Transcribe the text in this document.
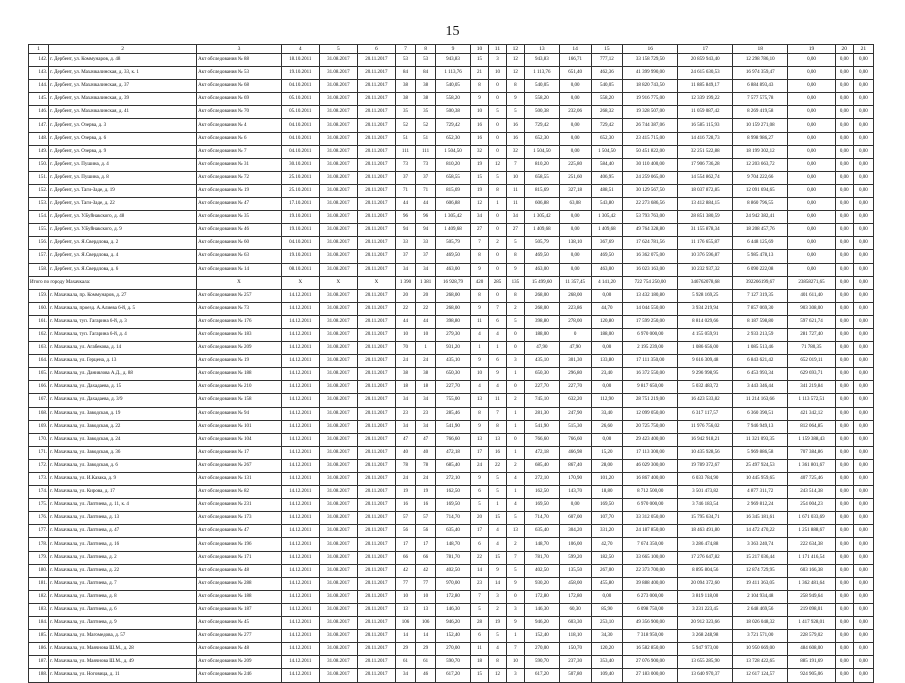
15
1	2	3	4	5	6	7	8	9	10	11	12	13	14	15	16	17	18	19	20	21
142.	г. Дербент, ул. Коммунаров, д. 48	Акт обследования № 88	18.10.2011	31.08.2017	20.11.2017	53	53	943,83	15	3	12	943,83	166,71	777,12	33 158 729,50	20 859 943,40	12 298 786,10	0,00	0,00	0,00
143.	г. Дербент, ул. Махачкалинская, д. 33, к. 1	Акт обследования № 53	19.10.2011	31.08.2017	20.11.2017	84	84	1 113,76	21	10	12	1 113,76	651,40	462,36	41 399 990,00	24 615 630,53	16 974 359,47	0,00	0,00	0,00
144.	г. Дербент, ул. Махачкалинская, д. 37	Акт обследования № 68	04.10.2011	31.08.2017	20.11.2017	38	38	540,05	8	0	8	540,05	0,00	540,05	18 820 743,50	11 885 849,17	6 884 893,43	0,00	0,00	0,00
145.	г. Дербент, ул. Махачкалинская, д. 39	Акт обследования № 69	05.10.2011	31.08.2017	20.11.2017	38	38	558,20	9	0	9	558,20	0,00	558,20	19 916 775,00	12 339 199,22	7 577 575,78	0,00	0,00	0,00
146.	г. Дербент, ул. Махачкалинская, д. 41	Акт обследования № 70	05.10.2011	31.08.2017	20.11.2017	35	35	500,38	10	5	5	500,38	232,06	268,32	19 328 507,00	11 059 087,42	8 269 419,58	0,00	0,00	0,00
147.	г. Дербент, ул. Озерва, д. 3	Акт обследования № 4	04.10.2011	31.08.2017	20.11.2017	52	52	729,42	16	0	16	729,42	0,00	729,42	26 744 387,06	16 585 115,93	10 159 271,08	0,00	0,00	0,00
148.	г. Дербент, ул. Озерва, д. 6	Акт обследования № 6	04.10.2011	31.08.2017	20.11.2017	51	51	652,30	16	0	16	652,30	0,00	652,30	23 415 715,00	14 416 728,73	8 998 986,27	0,00	0,00	0,00
149.	г. Дербент, ул. Озерва, д. 9	Акт обследования № 7	04.10.2011	31.08.2017	20.11.2017	111	111	1 504,50	32	0	32	1 504,50	0,00	1 504,50	50 451 822,00	32 251 522,88	18 199 302,12	0,00	0,00	0,00
150.	г. Дербент, ул. Пушина, д. 4	Акт обследования № 31	30.10.2011	31.08.2017	20.11.2017	73	73	810,20	19	12	7	810,20	225,80	584,40	30 110 400,00	17 906 736,28	12 203 663,72	0,00	0,00	0,00
151.	г. Дербент, ул. Пушина, д. 8	Акт обследования № 72	25.10.2011	31.08.2017	20.11.2017	37	37	658,55	15	5	10	658,55	251,60	406,95	24 259 065,00	14 554 862,74	9 704 222,66	0,00	0,00	0,00
152.	г. Дербент, ул. Таги-Заде, д. 19	Акт обследования № 19	25.10.2011	31.08.2017	20.11.2017	71	71	815,69	19	8	11	815,69	327,18	488,51	30 129 567,50	18 037 872,85	12 091 694,65	0,00	0,00	0,00
153.	г. Дербент, ул. Таги-Заде, д. 22	Акт обследования № 47	17.10.2011	31.08.2017	20.11.2017	44	44	606,88	12	1	11	606,88	63,08	543,80	22 273 686,56	13 412 884,15	8 860 796,55	0,00	0,00	0,00
154.	г. Дербент, ул. У.Буйнакского, д. 48	Акт обследования № 35	19.10.2011	31.08.2017	20.11.2017	96	96	1 305,42	34	0	34	1 305,42	0,00	1 305,42	53 793 763,00	28 851 380,59	24 942 382,41	0,00	0,00	0,00
155.	г. Дербент, ул. У.Буйнакского, д. 9	Акт обследования № 46	19.10.2011	31.08.2017	20.11.2017	94	94	1 409,68	27	0	27	1 409,68	0,00	1 409,68	49 764 328,80	31 155 878,34	18 208 457,76	0,00	0,00	0,00
156.	г. Дербент, ул. Я.Свердлова, д. 2	Акт обследования № 60	04.10.2011	31.08.2017	20.11.2017	33	33	505,79	7	2	5	505,79	138,10	367,69	17 624 781,56	11 176 655,87	6 448 125,69	0,00	0,00	0,00
157.	г. Дербент, ул. Я.Свердлова, д. 4	Акт обследования № 63	19.10.2011	31.08.2017	20.11.2017	37	37	469,50	8	0	8	469,50	0,00	469,50	16 362 075,00	10 376 596,87	5 985 478,13	0,00	0,00	0,00
158.	г. Дербент, ул. Я.Свердлова, д. 6	Акт обследования № 14	08.10.2011	31.08.2017	20.11.2017	34	34	463,00	9	0	9	463,00	0,00	463,00	16 023 163,00	10 232 937,32	6 090 222,08	0,00	0,00	0,00
Итого по городу Махачкала:		X	X	X	X	1 390	1 381	16 928,79	420	285	135	15 499,60	11 357,45	4 141,20	722 754 250,00	346762078,68	392266199,67	23858271,65	0,00	0,00
159.	г. Махачкала, пр. Коммунаров, д. 27	Акт обследования № 257	14.12.2011	31.08.2017	20.11.2017	20	20	268,00	8	0	8	268,00	268,00	0,00	13 432 180,80	5 928 169,25	7 127 319,35	401 611,40	0,00	0,00
160.	г. Махачкала, проезд. А.Алиева 6-й, д. 5	Акт обследования № 73	14.12.2011	31.08.2017	20.11.2017	22	22	268,00	9	7	2	268,00	223,86	44,70	14 044 550,00	3 934 219,94	7 857 069,30	903 308,00	0,00	0,00
161.	г. Махачкала, туп. Гагарина 6-й, д. 3	Акт обследования № 176	14.12.2011	31.08.2017	20.11.2017	44	44	398,80	11	6	5	398,80	278,00	120,80	17 599 250,00	8 814 029,66	8 187 598,80	597 621,74	0,00	0,00
162.	г. Махачкала, туп. Гагарина 6-й, д. 4	Акт обследования № 183	14.12.2011	31.08.2017	20.11.2017	10	10	279,30	4	4	0	188,00	0	188,00	6 970 000,00	4 155 059,91	2 933 213,59	281 727,40	0,00	0,00
163.	г. Махачкала, ул. Агабекова, д. 14	Акт обследования № 209	14.12.2011	31.08.2017	20.11.2017	70	1	931,20	1	1	0	47,90	47,90	0,00	2 195 239,00	1 086 656,00	1 085 513,46	71 780,35	0,00	0,00
164.	г. Махачкала, ул. Герцена, д. 13	Акт обследования № 19	14.12.2011	31.08.2017	20.11.2017	24	24	435,10	9	6	3	435,10	301,30	133,80	17 111 350,00	9 616 309,48	6 843 621,42	652 019,11	0,00	0,00
165.	г. Махачкала, ул. Даниялова А.Д., д. 88	Акт обследования № 188	14.12.2011	31.08.2017	20.11.2017	38	38	650,30	10	9	1	650,30	296,80	23,40	16 372 550,00	9 296 998,95	6 453 993,34	629 693,71	0,00	0,00
166.	г. Махачкала, ул. Дахадаева, д. 15	Акт обследования № 210	14.12.2011	31.08.2017	20.11.2017	18	18	227,70	4	4	0	227,70	227,70	0,00	9 817 650,00	5 032 483,72	3 443 346,44	341 219,84	0,00	0,00
167.	г. Махачкала, ул. Дахадаева, д. 3/9	Акт обследования № 158	14.12.2011	31.08.2017	20.11.2017	34	34	755,00	13	11	2	745,10	632,20	112,90	28 751 219,00	16 423 533,82	11 214 163,66	1 113 572,51	0,00	0,00
168.	г. Махачкала, ул. Заводская, д. 19	Акт обследования № 94	14.12.2011	31.08.2017	20.11.2017	23	23	285,46	8	7	1	281,30	247,90	33,40	12 099 050,00	6 317 117,57	6 360 390,51	421 342,12	0,00	0,00
169.	г. Махачкала, ул. Заводская, д. 22	Акт обследования № 101	14.12.2011	31.08.2017	20.11.2017	34	34	541,90	9	8	1	541,90	515,30	26,60	20 725 750,00	11 976 756,02	7 946 949,13	812 064,85	0,00	0,00
170.	г. Махачкала, ул. Заводская, д. 24	Акт обследования № 104	14.12.2011	31.08.2017	20.11.2017	47	47	766,60	13	13	0	766,60	766,60	0,00	29 423 400,00	16 942 918,21	11 321 093,35	1 159 388,43	0,00	0,00
171.	г. Махачкала, ул. Заводская, д. 36	Акт обследования № 17	14.12.2011	31.08.2017	20.11.2017	40	40	472,18	17	16	1	472,18	466,98	15,20	17 113 300,00	10 435 928,56	5 969 886,58	707 384,86	0,00	0,00
172.	г. Махачкала, ул. Заводская, д. 6	Акт обследования № 267	14.12.2011	31.08.2017	20.11.2017	78	78	685,40	24	22	2	685,40	867,40	28,00	46 029 300,00	19 789 372,67	25 497 924,53	1 361 801,67	0,00	0,00
173.	г. Махачкала, ул. И.Казака, д. 9	Акт обследования № 131	14.12.2011	31.08.2017	20.11.2017	24	24	272,10	9	5	4	272,10	170,90	101,20	16 867 400,00	6 033 784,90	10 445 959,65	407 725,46	0,00	0,00
174.	г. Махачкала, ул. Кирова, д. 17	Акт обследования № 82	14.12.2011	31.08.2017	20.11.2017	19	19	162,50	6	5	1	162,50	143,70	18,80	8 712 500,00	3 501 473,82	4 877 311,72	243 514,38	0,00	0,00
175.	г. Махачкала, ул. Лаптиева, д. 11, к. 4	Акт обследования № 231	14.12.2011	31.08.2017	20.11.2017	16	16	169,50	5	1	4	169,50	0,00	169,50	6 970 000,00	3 746 183,54	2 969 812,24	254 004,23	0,00	0,00
176.	г. Махачкала, ул. Лаптиева, д. 13	Акт обследования № 173	14.12.2011	31.08.2017	20.11.2017	57	57	714,70	20	15	5	714,70	607,00	107,70	33 312 050,00	15 795 634,71	16 345 181,61	1 671 033,69	0,00	0,00
177.	г. Махачкала, ул. Лаптиева, д. 47	Акт обследования № 47	14.12.2011	31.08.2017	20.11.2017	56	56	635,40	17	4	13	635,40	304,20	331,20	24 187 850,00	18 463 491,80	14 472 470,22	1 251 888,67	0,00	0,00
178.	г. Махачкала, ул. Лаптиева, д. 16	Акт обследования № 196	14.12.2011	31.08.2017	20.11.2017	17	17	148,70	6	4	2	148,70	106,00	42,70	7 674 350,00	3 286 474,88	3 363 240,74	222 634,38	0,00	0,00
179.	г. Махачкала, ул. Лаптиева, д. 2	Акт обследования № 171	14.12.2011	31.08.2017	20.11.2017	66	66	781,70	22	15	7	781,70	599,20	182,50	33 665 100,00	17 276 647,82	15 217 036,44	1 171 416,54	0,00	0,00
180.	г. Махачкала, ул. Лаптиева, д. 22	Акт обследования № 48	14.12.2011	31.08.2017	20.11.2017	42	42	402,50	14	9	5	402,50	135,50	267,00	22 373 700,00	8 895 804,56	12 874 729,95	603 166,38	0,00	0,00
181.	г. Махачкала, ул. Лаптиева, д. 7	Акт обследования № 288	14.12.2011	31.08.2017	20.11.2017	77	77	970,00	23	14	9	930,20	458,00	455,80	39 888 400,00	20 094 372,60	19 411 363,05	1 362 481,64	0,00	0,00
182.	г. Махачкала, ул. Лаптиева, д. 8	Акт обследования № 188	14.12.2011	31.08.2017	20.11.2017	10	10	172,80	7	3	0	172,80	172,80	0,00	6 273 000,00	3 819 118,00	2 104 934,48	258 949,64	0,00	0,00
183.	г. Махачкала, ул. Лаптиева, д. 6	Акт обследования № 187	14.12.2011	31.08.2017	20.11.2017	13	13	146,30	5	2	3	146,30	60,30	85,90	6 098 750,00	3 231 223,45	2 648 469,56	219 098,01	0,00	0,00
184.	г. Махачкала, ул. Лаптиева, д. 9	Акт обследования № 45	14.12.2011	31.08.2017	20.11.2017	106	106	946,20	28	19	9	946,20	603,30	253,10	49 356 900,00	20 912 323,66	18 026 048,32	1 417 928,01	0,00	0,00
185.	г. Махачкала, ул. Магомедова, д. 57	Акт обследования № 277	14.12.2011	31.08.2017	20.11.2017	14	14	152,40	6	5	1	152,40	118,10	34,30	7 318 950,00	3 268 248,98	3 721 571,00	228 579,02	0,00	0,00
186.	г. Махачкала, ул. Маячнова Ш.М., д. 28	Акт обследования № 48	14.12.2011	31.08.2017	20.11.2017	29	29	270,00	11	4	7	270,00	150,70	120,20	16 582 850,00	5 947 973,00	10 950 669,00	484 608,00	0,00	0,00
187.	г. Махачкала, ул. Маячнова Ш.М., д. 49	Акт обследования № 209	14.12.2011	31.08.2017	20.11.2017	61	61	590,70	18	8	10	590,70	237,30	353,40	27 076 900,00	13 655 285,90	13 728 422,65	885 191,69	0,00	0,00
188.	г. Махачкала, ул. Ноговица, д. 11	Акт обследования № 246	14.12.2011	31.08.2017	20.11.2017	34	46	617,20	15	12	3	617,20	507,80	109,40	27 183 000,00	13 640 970,37	12 617 124,57	924 905,06	0,00	0,00
